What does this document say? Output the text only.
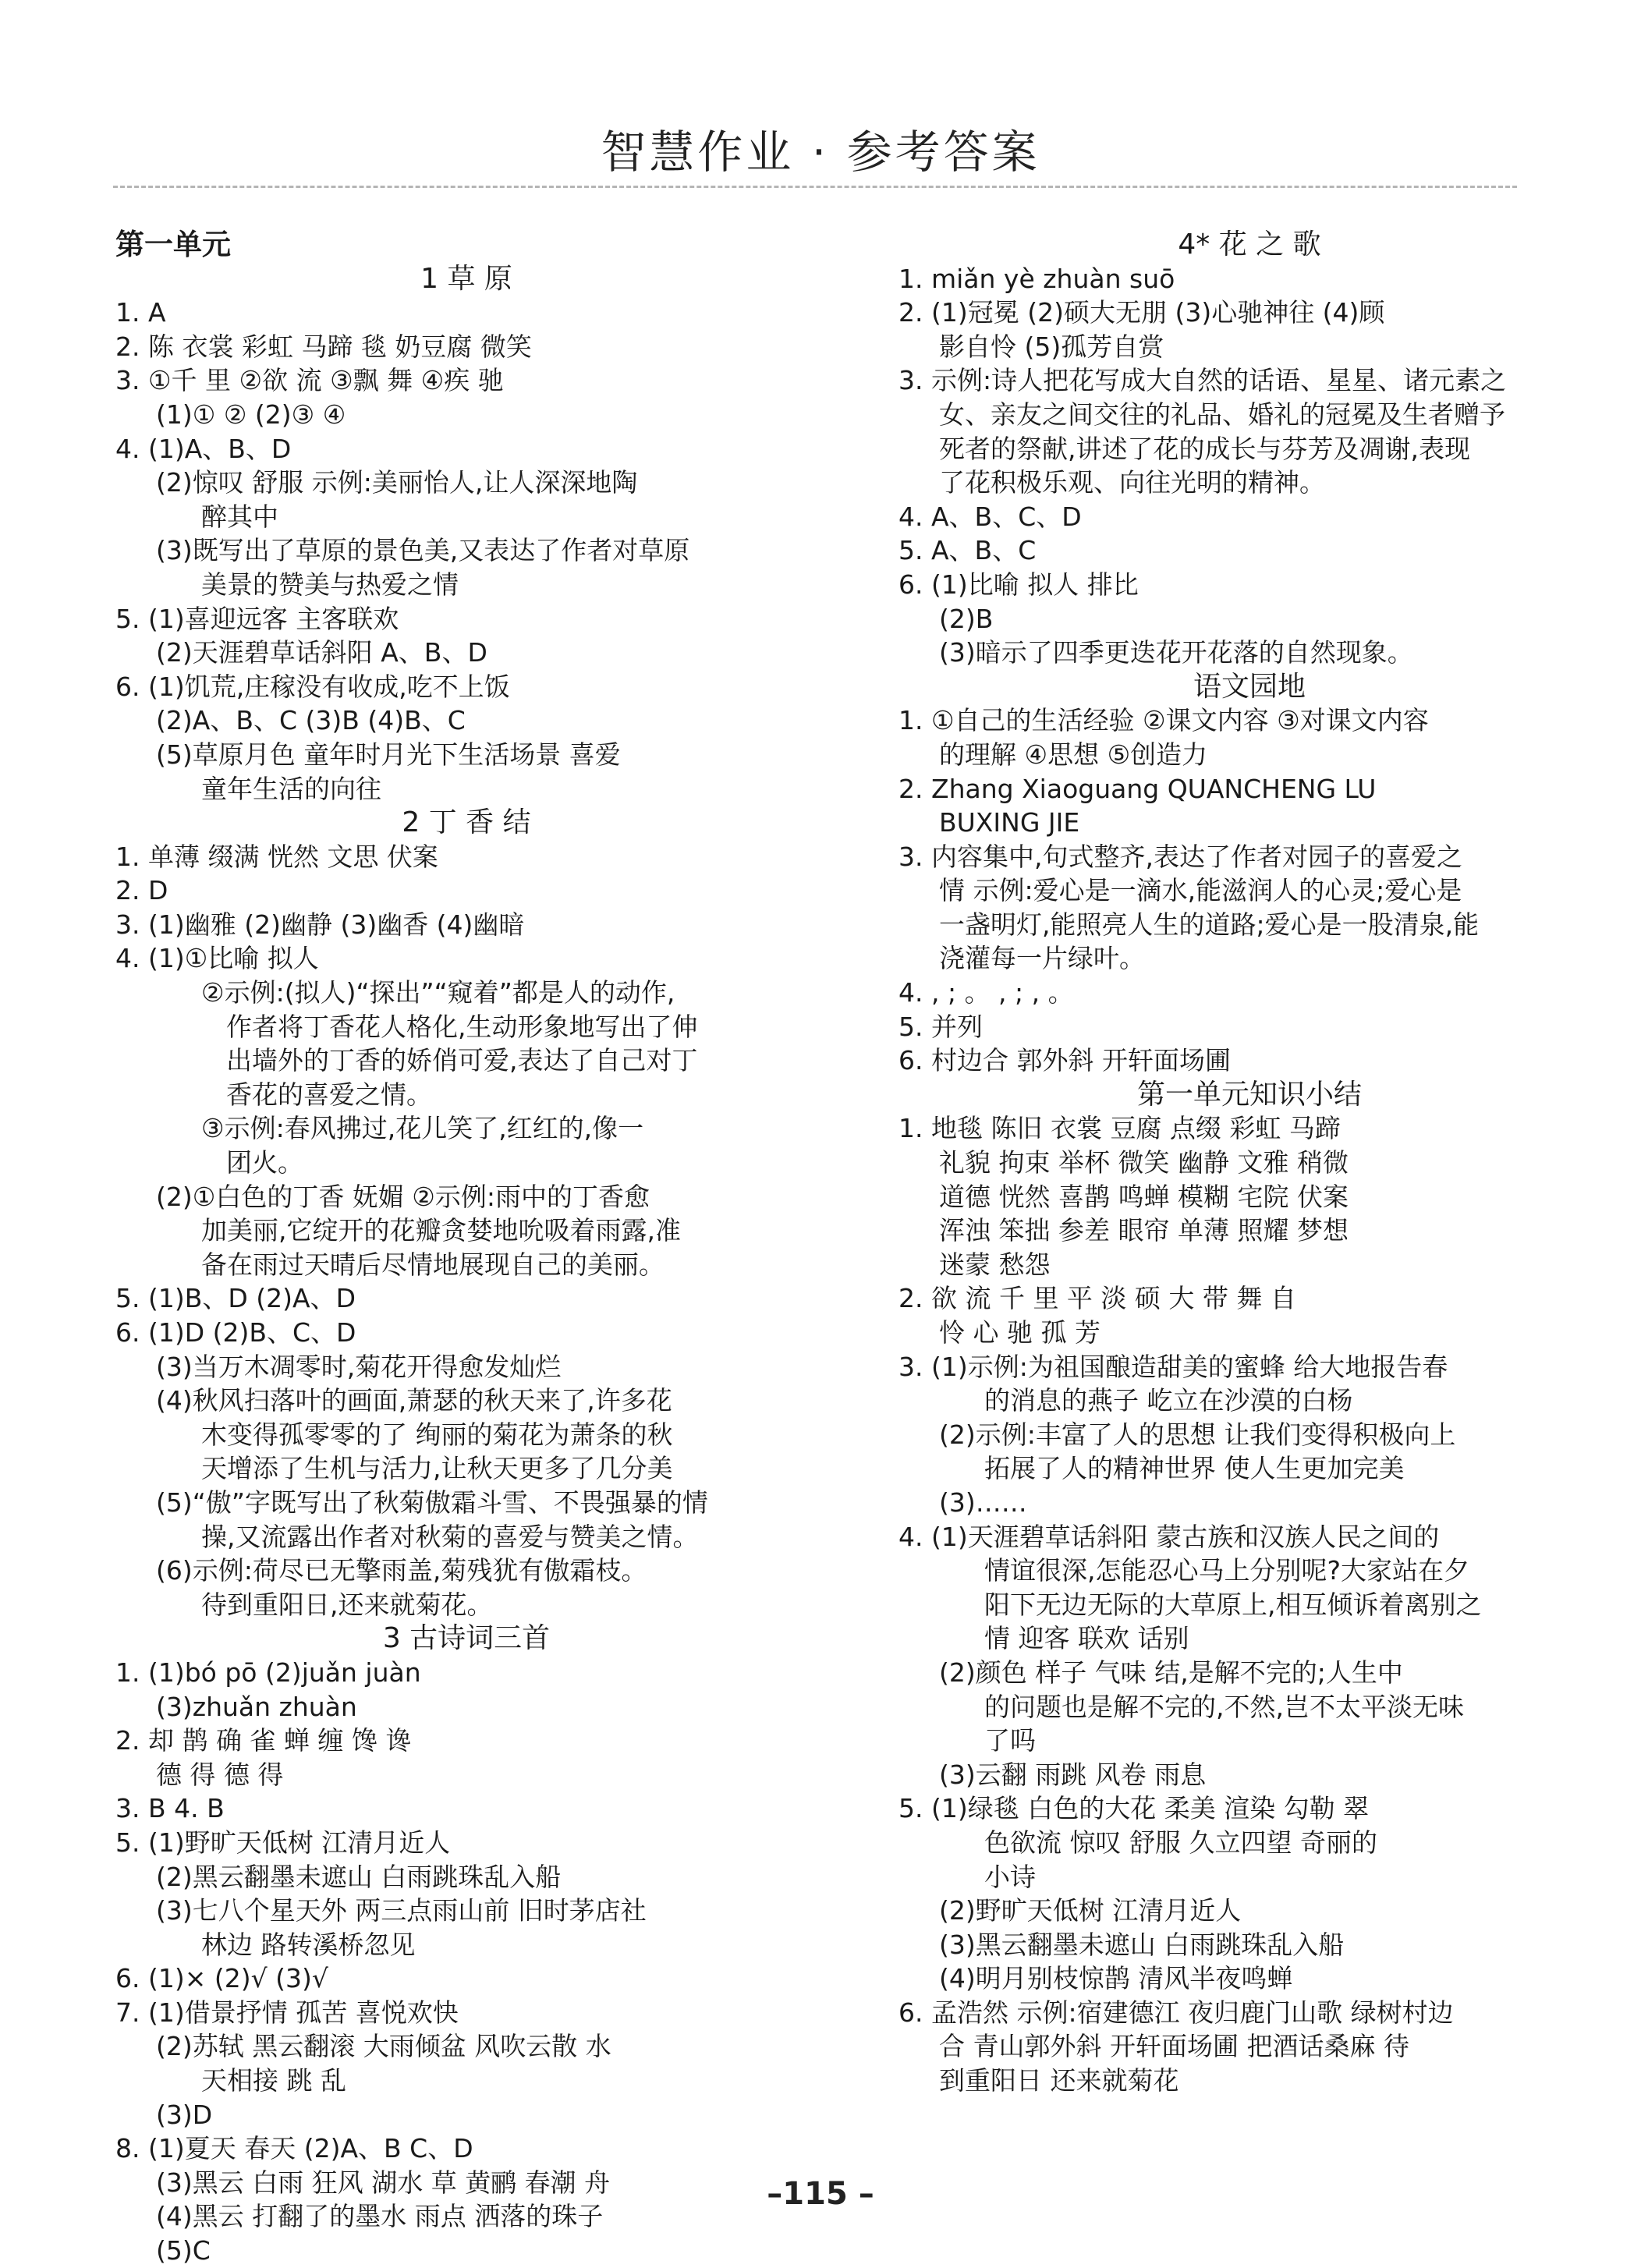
智慧作业 · 参考答案
第一单元
1 草 原
1. A
2. 陈 衣裳 彩虹 马蹄 毯 奶豆腐 微笑
3. ①千 里 ②欲 流 ③飘 舞 ④疾 驰
(1)① ② (2)③ ④
4. (1)A、B、D
(2)惊叹 舒服 示例:美丽怡人,让人深深地陶
醉其中
(3)既写出了草原的景色美,又表达了作者对草原
美景的赞美与热爱之情
5. (1)喜迎远客 主客联欢
(2)天涯碧草话斜阳 A、B、D
6. (1)饥荒,庄稼没有收成,吃不上饭
(2)A、B、C (3)B (4)B、C
(5)草原月色 童年时月光下生活场景 喜爱
童年生活的向往
2 丁 香 结
1. 单薄 缀满 恍然 文思 伏案
2. D
3. (1)幽雅 (2)幽静 (3)幽香 (4)幽暗
4. (1)①比喻 拟人
②示例:(拟人)“探出”“窥着”都是人的动作,
作者将丁香花人格化,生动形象地写出了伸
出墙外的丁香的娇俏可爱,表达了自己对丁
香花的喜爱之情。
③示例:春风拂过,花儿笑了,红红的,像一
团火。
(2)①白色的丁香 妩媚 ②示例:雨中的丁香愈
加美丽,它绽开的花瓣贪婪地吮吸着雨露,准
备在雨过天晴后尽情地展现自己的美丽。
5. (1)B、D (2)A、D
6. (1)D (2)B、C、D
(3)当万木凋零时,菊花开得愈发灿烂
(4)秋风扫落叶的画面,萧瑟的秋天来了,许多花
木变得孤零零的了 绚丽的菊花为萧条的秋
天增添了生机与活力,让秋天更多了几分美
(5)“傲”字既写出了秋菊傲霜斗雪、不畏强暴的情
操,又流露出作者对秋菊的喜爱与赞美之情。
(6)示例:荷尽已无擎雨盖,菊残犹有傲霜枝。
待到重阳日,还来就菊花。
3 古诗词三首
1. (1)bó pō (2)juǎn juàn
(3)zhuǎn zhuàn
2. 却 鹊 确 雀 蝉 缠 馋 谗
德 得 德 得
3. B 4. B
5. (1)野旷天低树 江清月近人
(2)黑云翻墨未遮山 白雨跳珠乱入船
(3)七八个星天外 两三点雨山前 旧时茅店社
林边 路转溪桥忽见
6. (1)× (2)√ (3)√
7. (1)借景抒情 孤苦 喜悦欢快
(2)苏轼 黑云翻滚 大雨倾盆 风吹云散 水
天相接 跳 乱
(3)D
8. (1)夏天 春天 (2)A、B C、D
(3)黑云 白雨 狂风 湖水 草 黄鹂 春潮 舟
(4)黑云 打翻了的墨水 雨点 洒落的珠子
(5)C
4* 花 之 歌
1. miǎn yè zhuàn suō
2. (1)冠冕 (2)硕大无朋 (3)心驰神往 (4)顾
影自怜 (5)孤芳自赏
3. 示例:诗人把花写成大自然的话语、星星、诸元素之
女、亲友之间交往的礼品、婚礼的冠冕及生者赠予
死者的祭献,讲述了花的成长与芬芳及凋谢,表现
了花积极乐观、向往光明的精神。
4. A、B、C、D
5. A、B、C
6. (1)比喻 拟人 排比
(2)B
(3)暗示了四季更迭花开花落的自然现象。
语文园地
1. ①自己的生活经验 ②课文内容 ③对课文内容
的理解 ④思想 ⑤创造力
2. Zhang Xiaoguang QUANCHENG LU
BUXING JIE
3. 内容集中,句式整齐,表达了作者对园子的喜爱之
情 示例:爱心是一滴水,能滋润人的心灵;爱心是
一盏明灯,能照亮人生的道路;爱心是一股清泉,能
浇灌每一片绿叶。
4. , ; 。 , ; , 。
5. 并列
6. 村边合 郭外斜 开轩面场圃
第一单元知识小结
1. 地毯 陈旧 衣裳 豆腐 点缀 彩虹 马蹄
礼貌 拘束 举杯 微笑 幽静 文雅 稍微
道德 恍然 喜鹊 鸣蝉 模糊 宅院 伏案
浑浊 笨拙 参差 眼帘 单薄 照耀 梦想
迷蒙 愁怨
2. 欲 流 千 里 平 淡 硕 大 带 舞 自
怜 心 驰 孤 芳
3. (1)示例:为祖国酿造甜美的蜜蜂 给大地报告春
的消息的燕子 屹立在沙漠的白杨
(2)示例:丰富了人的思想 让我们变得积极向上
拓展了人的精神世界 使人生更加完美
(3)……
4. (1)天涯碧草话斜阳 蒙古族和汉族人民之间的
情谊很深,怎能忍心马上分别呢?大家站在夕
阳下无边无际的大草原上,相互倾诉着离别之
情 迎客 联欢 话别
(2)颜色 样子 气味 结,是解不完的;人生中
的问题也是解不完的,不然,岂不太平淡无味
了吗
(3)云翻 雨跳 风卷 雨息
5. (1)绿毯 白色的大花 柔美 渲染 勾勒 翠
色欲流 惊叹 舒服 久立四望 奇丽的
小诗
(2)野旷天低树 江清月近人
(3)黑云翻墨未遮山 白雨跳珠乱入船
(4)明月别枝惊鹊 清风半夜鸣蝉
6. 孟浩然 示例:宿建德江 夜归鹿门山歌 绿树村边
合 青山郭外斜 开轩面场圃 把酒话桑麻 待
到重阳日 还来就菊花
–115 –
